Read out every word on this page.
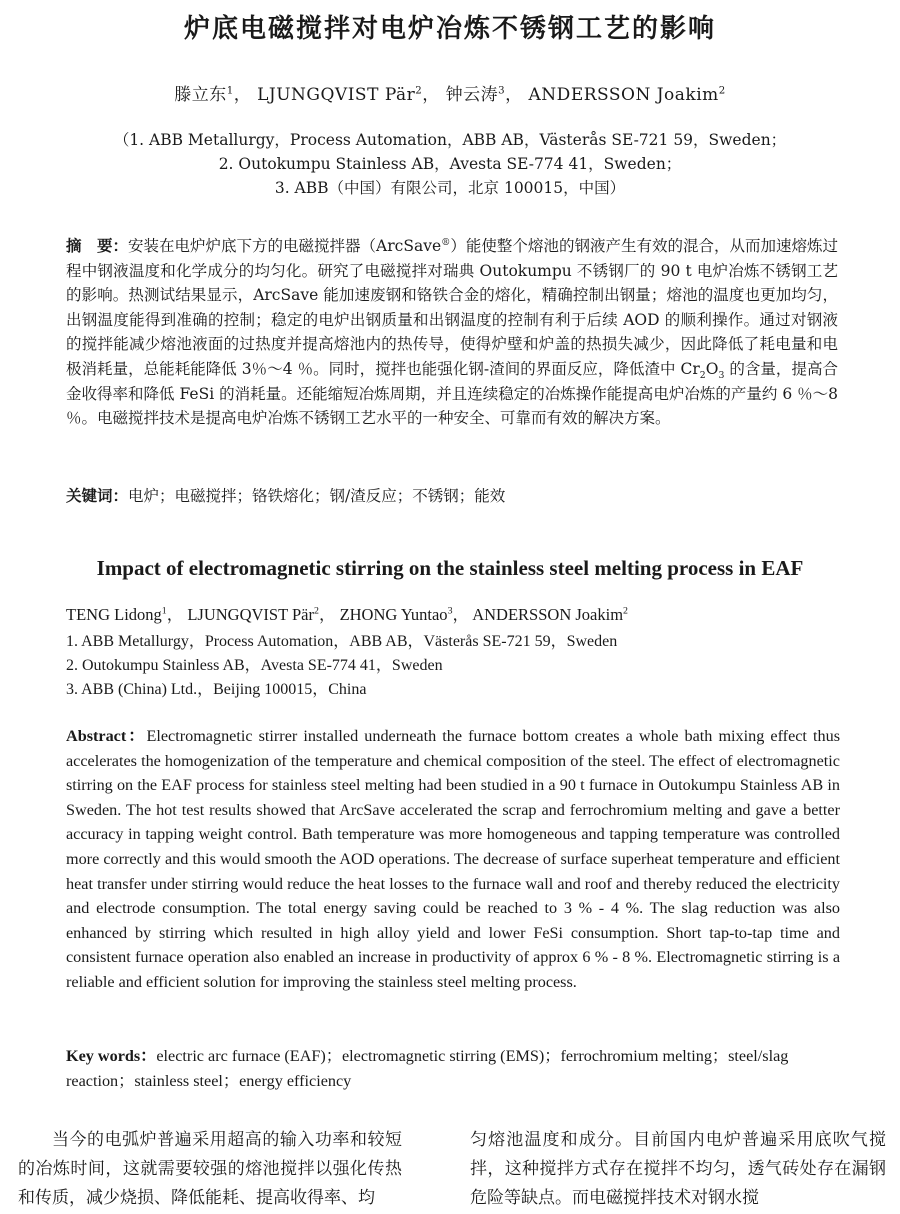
炉底电磁搅拌对电炉冶炼不锈钢工艺的影响
滕立东$^1$， LJUNGQVIST Pär$^2$， 钟云涛$^3$， ANDERSSON Joakim$^2$
（1. ABB Metallurgy，Process Automation，ABB AB，Västerås SE-721 59，Sweden；
2. Outokumpu Stainless AB，Avesta SE-774 41，Sweden；
3. ABB（中国）有限公司，北京 100015，中国）
摘　要：安装在电炉炉底下方的电磁搅拌器（ArcSave®）能使整个熔池的钢液产生有效的混合，从而加速熔炼过程中钢液温度和化学成分的均匀化。研究了电磁搅拌对瑞典 Outokumpu 不锈钢厂的 90 t 电炉冶炼不锈钢工艺的影响。热测试结果显示，ArcSave 能加速废钢和铬铁合金的熔化，精确控制出钢量；熔池的温度也更加均匀，出钢温度能得到准确的控制；稳定的电炉出钢质量和出钢温度的控制有利于后续 AOD 的顺利操作。通过对钢液的搅拌能减少熔池液面的过热度并提高熔池内的热传导，使得炉壁和炉盖的热损失减少，因此降低了耗电量和电极消耗量，总能耗能降低 3％～4 ％。同时，搅拌也能强化钢-渣间的界面反应，降低渣中 $Cr_2O_3$ 的含量，提高合金收得率和降低 FeSi 的消耗量。还能缩短冶炼周期，并且连续稳定的冶炼操作能提高电炉冶炼的产量约 6 ％～8 ％。电磁搅拌技术是提高电炉冶炼不锈钢工艺水平的一种安全、可靠而有效的解决方案。
关键词：电炉；电磁搅拌；铬铁熔化；钢/渣反应；不锈钢；能效
Impact of electromagnetic stirring on the stainless steel melting process in EAF
TENG Lidong$^1$， LJUNGQVIST Pär$^2$， ZHONG Yuntao$^3$， ANDERSSON Joakim$^2$
1. ABB Metallurgy，Process Automation，ABB AB，Västerås SE-721 59，Sweden
2. Outokumpu Stainless AB，Avesta SE-774 41，Sweden
3. ABB (China) Ltd.，Beijing 100015，China
Abstract：Electromagnetic stirrer installed underneath the furnace bottom creates a whole bath mixing effect thus accelerates the homogenization of the temperature and chemical composition of the steel. The effect of electromagnetic stirring on the EAF process for stainless steel melting had been studied in a 90 t furnace in Outokumpu Stainless AB in Sweden. The hot test results showed that ArcSave accelerated the scrap and ferrochromium melting and gave a better accuracy in tapping weight control. Bath temperature was more homogeneous and tapping temperature was controlled more correctly and this would smooth the AOD operations. The decrease of surface superheat temperature and efficient heat transfer under stirring would reduce the heat losses to the furnace wall and roof and thereby reduced the electricity and electrode consumption. The total energy saving could be reached to 3 % - 4 %. The slag reduction was also enhanced by stirring which resulted in high alloy yield and lower FeSi consumption. Short tap-to-tap time and consistent furnace operation also enabled an increase in productivity of approx 6 % - 8 %. Electromagnetic stirring is a reliable and efficient solution for improving the stainless steel melting process.
Key words：electric arc furnace (EAF)；electromagnetic stirring (EMS)；ferrochromium melting；steel/slag reaction；stainless steel；energy efficiency
当今的电弧炉普遍采用超高的输入功率和较短的冶炼时间，这就需要较强的熔池搅拌以强化传热和传质，减少烧损、降低能耗、提高收得率、均
匀熔池温度和成分。目前国内电炉普遍采用底吹气搅拌，这种搅拌方式存在搅拌不均匀，透气砖处存在漏钢危险等缺点。而电磁搅拌技术对钢水搅
